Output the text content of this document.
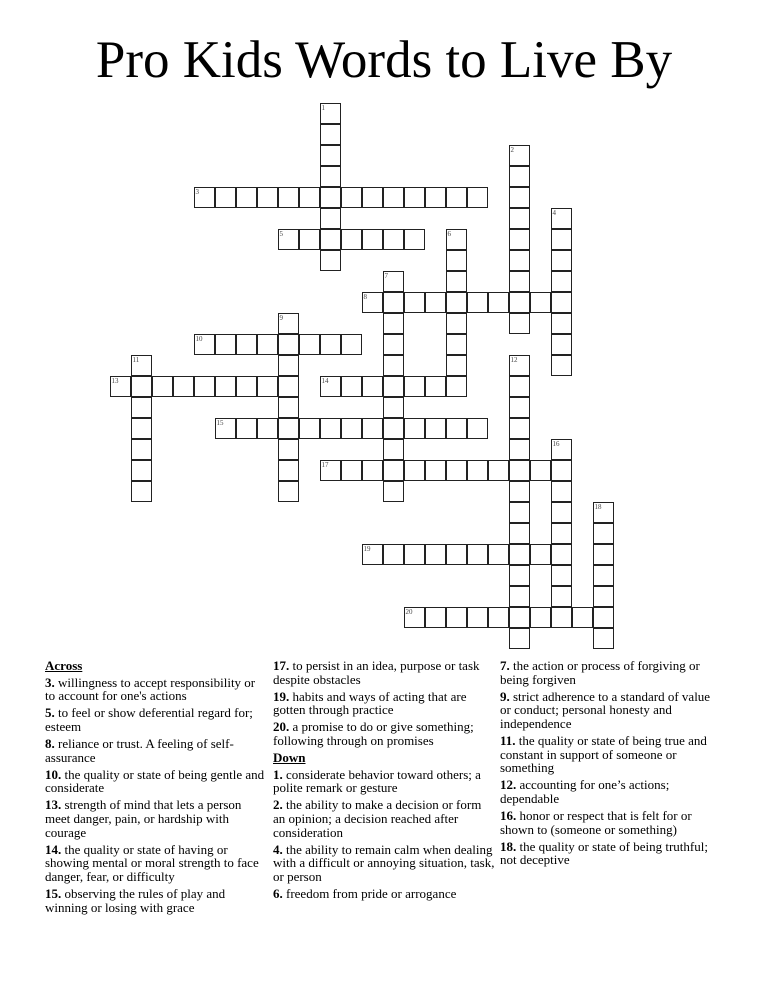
Pro Kids Words to Live By
1
2
3
4
5	6
7
8
9
10
11	12
13	14
15
16
17
18
19
20
Across
3. willingness to accept responsibility or to account for one's actions
5. to feel or show deferential regard for; esteem
8. reliance or trust. A feeling of self-assurance
10. the quality or state of being gentle and considerate
13. strength of mind that lets a person meet danger, pain, or hardship with courage
14. the quality or state of having or showing mental or moral strength to face danger, fear, or difficulty
15. observing the rules of play and winning or losing with grace
17. to persist in an idea, purpose or task despite obstacles
19. habits and ways of acting that are gotten through practice
20. a promise to do or give something; following through on promises
Down
1. considerate behavior toward others; a polite remark or gesture
2. the ability to make a decision or form an opinion; a decision reached after consideration
4. the ability to remain calm when dealing with a difficult or annoying situation, task, or person
6. freedom from pride or arrogance
7. the action or process of forgiving or being forgiven
9. strict adherence to a standard of value or conduct; personal honesty and independence
11. the quality or state of being true and constant in support of someone or something
12. accounting for one’s actions; dependable
16. honor or respect that is felt for or shown to (someone or something)
18. the quality or state of being truthful; not deceptive
